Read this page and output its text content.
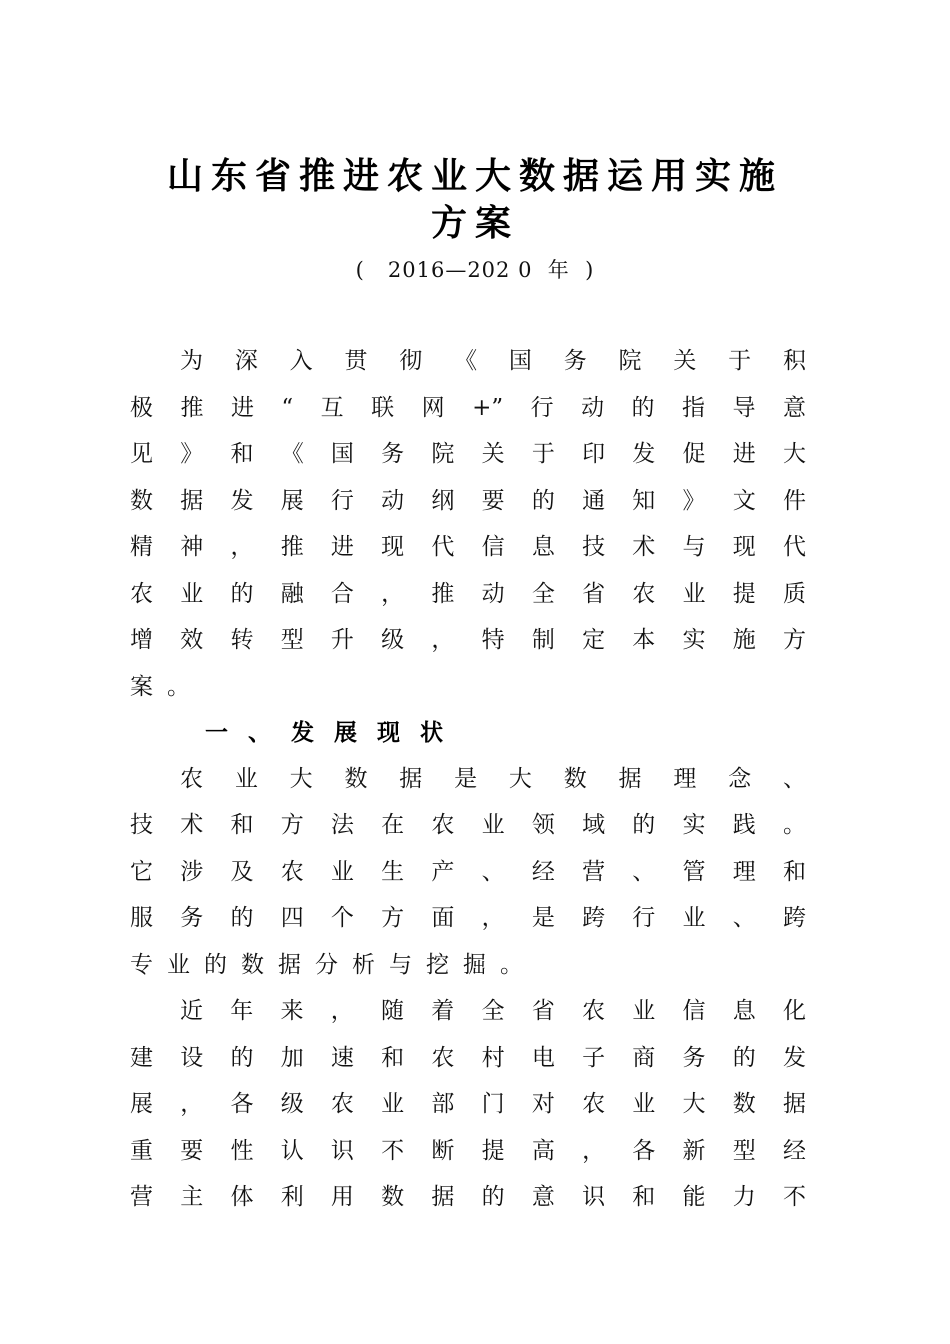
山东省推进农业大数据运用实施
方案
(   2016—202 0  年  )
为深入贯彻《国务院关于积
极推进“互联网+”行动的指导意
见》和《国务院关于印发促进大
数据发展行动纲要的通知》文件
精神，推进现代信息技术与现代
农业的融合，推动全省农业提质
增效转型升级，特制定本实施方
案。
一、发展现状
农业大数据是大数据理念、
技术和方法在农业领域的实践。
它涉及农业生产、经营、管理和
服务的四个方面，是跨行业、跨
专业的数据分析与挖掘。
近年来，随着全省农业信息化
建设的加速和农村电子商务的发
展，各级农业部门对农业大数据
重要性认识不断提高，各新型经
营主体利用数据的意识和能力不
